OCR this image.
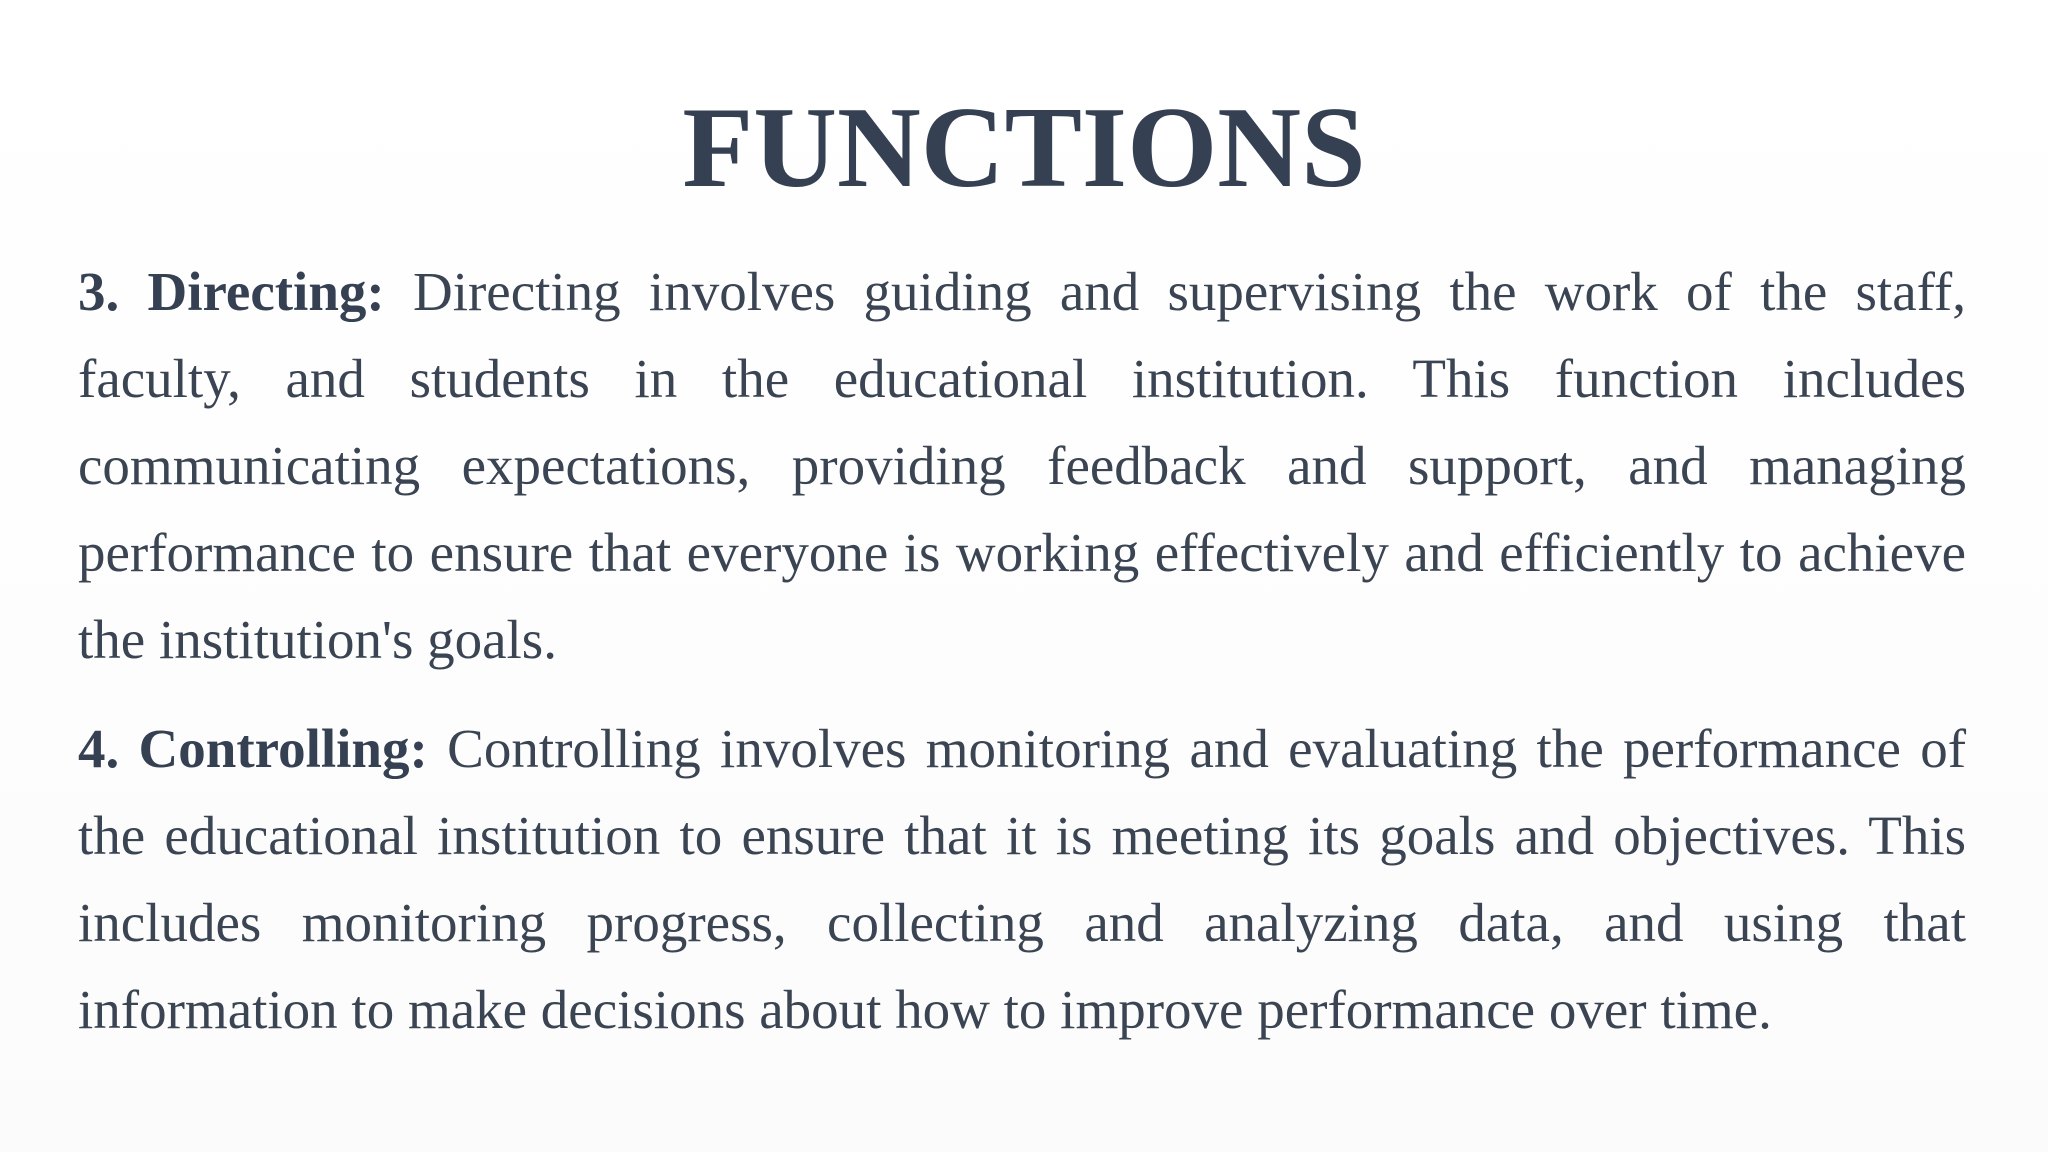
FUNCTIONS

3. Directing: Directing involves guiding and supervising the work of the staff, faculty, and students in the educational institution. This function includes communicating expectations, providing feedback and support, and managing performance to ensure that everyone is working effectively and efficiently to achieve the institution's goals.

4. Controlling: Controlling involves monitoring and evaluating the performance of the educational institution to ensure that it is meeting its goals and objectives. This includes monitoring progress, collecting and analyzing data, and using that information to make decisions about how to improve performance over time.
